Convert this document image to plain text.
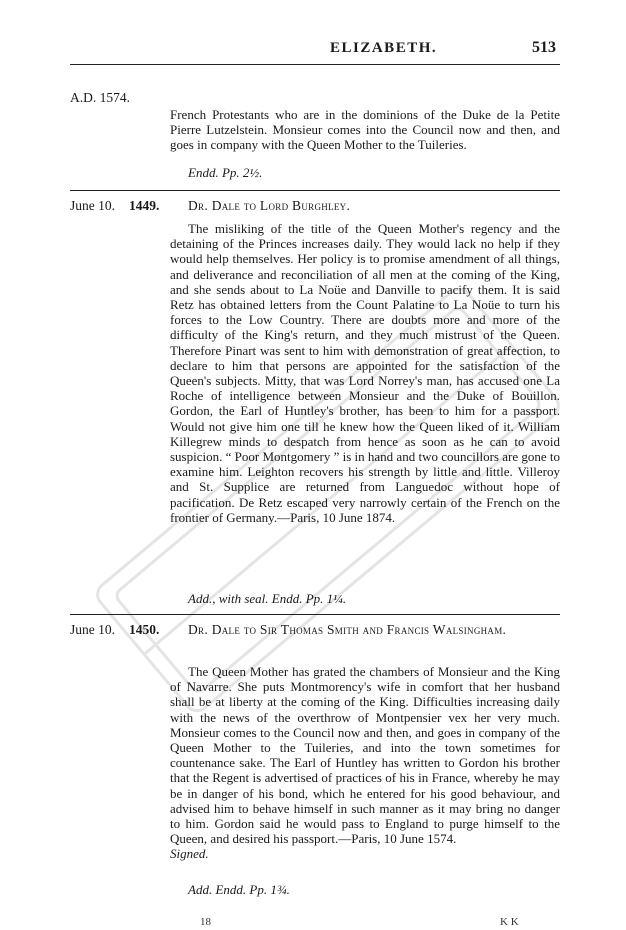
ELIZABETH.	513
A.D. 1574.

French Protestants who are in the dominions of the Duke de la Petite Pierre Lutzelstein. Monsieur comes into the Council now and then, and goes in company with the Queen Mother to the Tuileries.

Endd. Pp. 2½.
June 10. 1449. Dr. Dale to Lord Burghley.

The misliking of the title of the Queen Mother's regency and the detaining of the Princes increases daily. They would lack no help if they would help themselves. Her policy is to promise amendment of all things, and deliverance and reconciliation of all men at the coming of the King, and she sends about to La Noüe and Danville to pacify them. It is said Retz has obtained letters from the Count Palatine to La Noüe to turn his forces to the Low Country. There are doubts more and more of the difficulty of the King's return, and they much mistrust of the Queen. Therefore Pinart was sent to him with demonstration of great affection, to declare to him that persons are appointed for the satisfaction of the Queen's subjects. Mitty, that was Lord Norrey's man, has accused one La Roche of intelligence between Monsieur and the Duke of Bouillon. Gordon, the Earl of Huntley's brother, has been to him for a passport. Would not give him one till he knew how the Queen liked of it. William Killegrew minds to despatch from hence as soon as he can to avoid suspicion. “ Poor Montgomery ” is in hand and two councillors are gone to examine him. Leighton recovers his strength by little and little. Villeroy and St. Supplice are returned from Languedoc without hope of pacification. De Retz escaped very narrowly certain of the French on the frontier of Germany.—Paris, 10 June 1874.

Add., with seal. Endd. Pp. 1¼.
June 10. 1450. Dr. Dale to Sir Thomas Smith and Francis Walsingham.

The Queen Mother has grated the chambers of Monsieur and the King of Navarre. She puts Montmorency's wife in comfort that her husband shall be at liberty at the coming of the King. Difficulties increasing daily with the news of the overthrow of Montpensier vex her very much. Monsieur comes to the Council now and then, and goes in company of the Queen Mother to the Tuileries, and into the town sometimes for countenance sake. The Earl of Huntley has written to Gordon his brother that the Regent is advertised of practices of his in France, whereby he may be in danger of his bond, which he entered for his good behaviour, and advised him to behave himself in such manner as it may bring no danger to him. Gordon said he would pass to England to purge himself to the Queen, and desired his passport.—Paris, 10 June 1574.

Signed.

Add. Endd. Pp. 1¾.
18	K K
